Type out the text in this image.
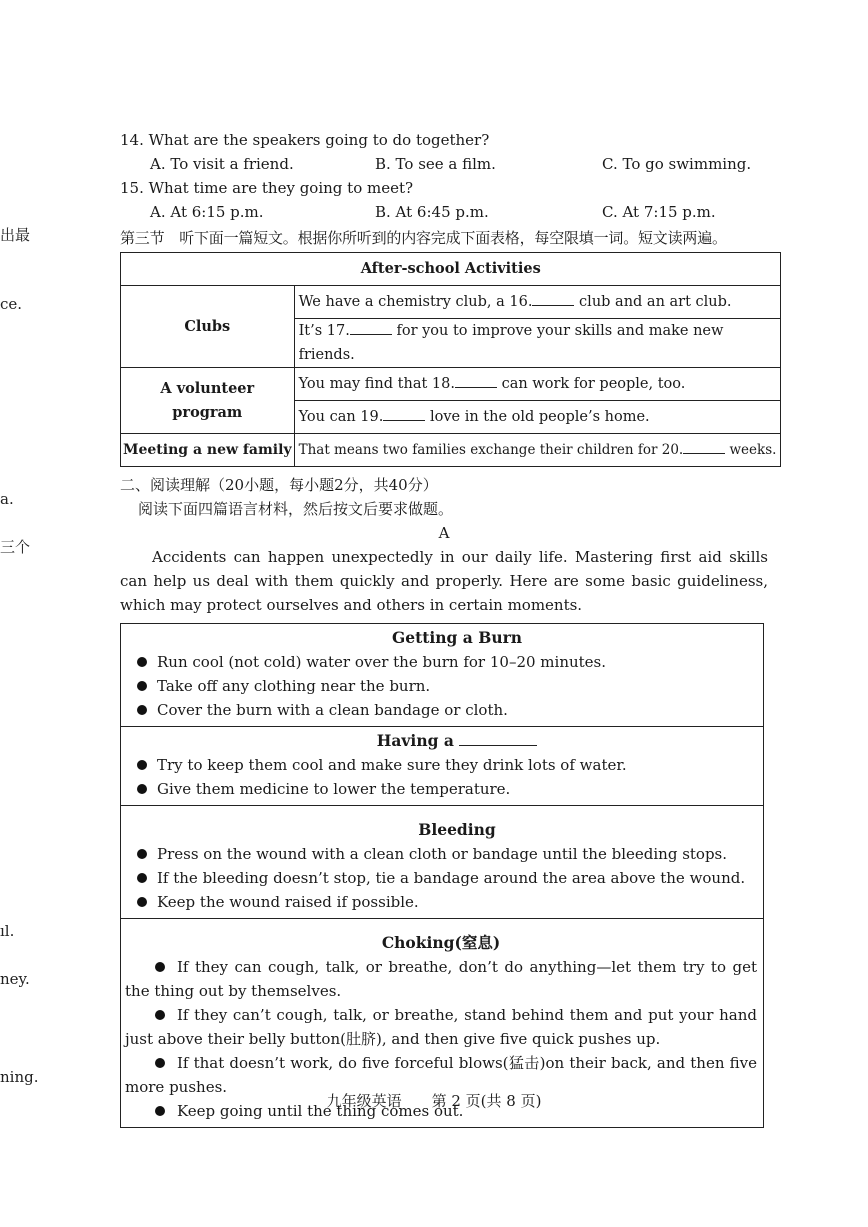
出最
ce.
a.
三个
ıl.
ney.
ning.

14. What are the speakers going to do together?

A. To visit a friend.	B. To see a film.	C. To go swimming.

15. What time are they going to meet?

A. At 6:15 p.m.	B. At 6:45 p.m.	C. At 7:15 p.m.
第三节　听下面一篇短文。根据你所听到的内容完成下面表格，每空限填一词。短文读两遍。
After-school Activities	
Clubs	We have a chemistry club, a 16. club and an art club.
	It’s 17. for you to improve your skills and make new friends.
A volunteer program	You may find that 18. can work for people, too.
	You can 19. love in the old people’s home.
Meeting a new family	That means two families exchange their children for 20. weeks.

二、阅读理解（20小题，每小题2分，共40分）

阅读下面四篇语言材料，然后按文后要求做题。

A

Accidents can happen unexpectedly in our daily life. Mastering first aid skills can help us deal with them quickly and properly. Here are some basic guideliness, which may protect ourselves and others in certain moments.

Getting a Burn

Run cool (not cold) water over the burn for 10–20 minutes.

Take off any clothing near the burn.

Cover the burn with a clean bandage or cloth.

Having a

Try to keep them cool and make sure they drink lots of water.

Give them medicine to lower the temperature.

Bleeding

Press on the wound with a clean cloth or bandage until the bleeding stops.

If the bleeding doesn’t stop, tie a bandage around the area above the wound.

Keep the wound raised if possible.

Choking(窒息)

If they can cough, talk, or breathe, don’t do anything—let them try to get the thing out by themselves.

If they can’t cough, talk, or breathe, stand behind them and put your hand just above their belly button(肚脐), and then give five quick pushes up.

If that doesn’t work, do five forceful blows(猛击)on their back, and then five more pushes.

Keep going until the thing comes out.

九年级英语　　第 2 页(共 8 页)
